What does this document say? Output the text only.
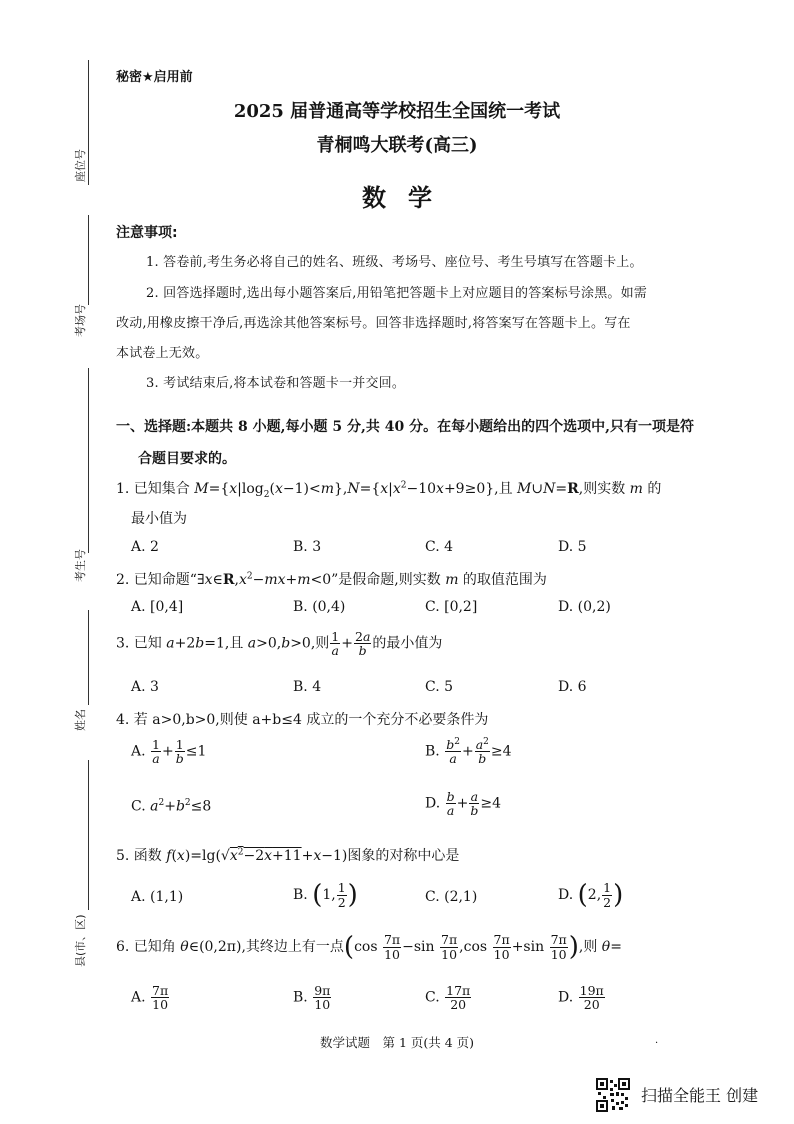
座位号
考场号
考生号
姓名
县(市、区)
秘密★启用前
2025 届普通高等学校招生全国统一考试
青桐鸣大联考(高三)
数学
注意事项:
1. 答卷前,考生务必将自己的姓名、班级、考场号、座位号、考生号填写在答题卡上。
2. 回答选择题时,选出每小题答案后,用铅笔把答题卡上对应题目的答案标号涂黑。如需
改动,用橡皮擦干净后,再选涂其他答案标号。回答非选择题时,将答案写在答题卡上。写在
本试卷上无效。
3. 考试结束后,将本试卷和答题卡一并交回。
一、选择题:本题共 8 小题,每小题 5 分,共 40 分。在每小题给出的四个选项中,只有一项是符
合题目要求的。
1. 已知集合 $M=\{x|\log_2(x-1)<m\},N=\{x|x^2-10x+9\ge 0\}$,且 M∪N=R,则实数 m 的
最小值为
A. 2	B. 3	C. 4	D. 5
2. 已知命题“$\exists x\in R,x^2-mx+m<0$”是假命题,则实数 m 的取值范围为
A. [0,4]	B. (0,4)	C. [0,2]	D. (0,2)
3. 已知 a+2b=1,且 a>0,b>0,则 $\frac{1}{a} + \frac{2a}{b}$ 的最小值为
A. 3	B. 4	C. 5	D. 6
4. 若 a>0,b>0,则使 a+b≤4 成立的一个充分不必要条件为
A. $\frac{1}{a} + \frac{1}{b} \le 1$	B. $\frac{b^2}{a} + \frac{a^2}{b} \ge 4$
C. $a^2+b^2\le 8$	D. $\frac{b}{a} + \frac{a}{b} \ge 4$
5. 函数 $f(x)=\lg(√x^2-2x+11+x-1)$图象的对称中心是
A. (1,1)	B. (1, $\frac{1}{2}$ )	C. (2,1)	D. (2, $\frac{1}{2}$ )
6. 已知角 θ∈(0,2π),其终边上有一点($\cos \frac{7\pi}{10} -\sin \frac{7\pi}{10} ,\cos \frac{7\pi}{10} +\sin \frac{7\pi}{10}$ ),则 θ=
A. $\frac{7\pi}{10}$	B. $\frac{9\pi}{10}$	C. $\frac{17\pi}{20}$	D. $\frac{19\pi}{20}$
数学试题　第 1 页(共 4 页)	·
扫描全能王 创建
